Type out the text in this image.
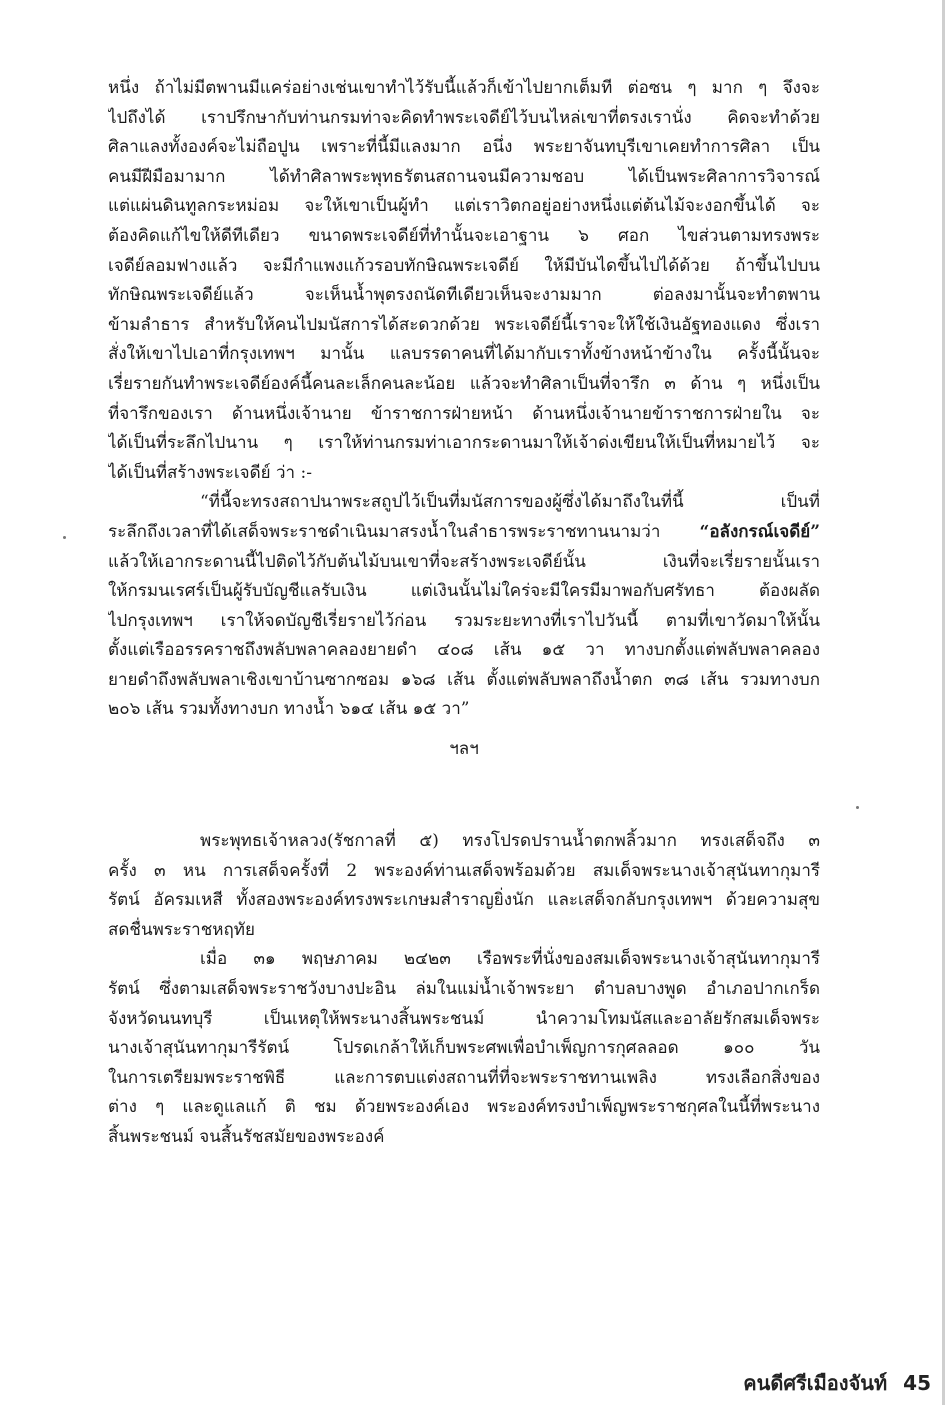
หนึ่ง ถ้าไม่มีตพานมีแคร่อย่างเช่นเขาทำไว้รับนี้แล้วก็เข้าไปยากเต็มที ต่อซน ๆ มาก ๆ จึงจะ
ไปถึงได้ เราปรึกษากับท่านกรมท่าจะคิดทำพระเจดีย์ไว้บนไหล่เขาที่ตรงเรานั่ง คิดจะทำด้วย
ศิลาแลงทั้งองค์จะไม่ถือปูน เพราะที่นี้มีแลงมาก อนึ่ง พระยาจันทบุรีเขาเคยทำการศิลา เป็น
คนมีฝีมือมามาก ได้ทำศิลาพระพุทธรัตนสถานจนมีความชอบ ได้เป็นพระศิลาการวิจารณ์
แต่แผ่นดินทูลกระหม่อม จะให้เขาเป็นผู้ทำ แต่เราวิตกอยู่อย่างหนึ่งแต่ต้นไม้จะงอกขึ้นได้ จะ
ต้องคิดแก้ไขให้ดีทีเดียว ขนาดพระเจดีย์ที่ทำนั้นจะเอาฐาน ๖ ศอก ไขส่วนตามทรงพระ
เจดีย์ลอมฟางแล้ว จะมีกำแพงแก้วรอบทักษิณพระเจดีย์ ให้มีบันไดขึ้นไปได้ด้วย ถ้าขึ้นไปบน
ทักษิณพระเจดีย์แล้ว จะเห็นน้ำพุตรงถนัดทีเดียวเห็นจะงามมาก ต่อลงมานั้นจะทำตพาน
ข้ามลำธาร สำหรับให้คนไปมนัสการได้สะดวกด้วย พระเจดีย์นี้เราจะให้ใช้เงินอัฐทองแดง ซึ่งเรา
สั่งให้เขาไปเอาที่กรุงเทพฯ มานั้น แลบรรดาคนที่ได้มากับเราทั้งข้างหน้าข้างใน ครั้งนี้นั้นจะ
เรี่ยรายกันทำพระเจดีย์องค์นี้คนละเล็กคนละน้อย แล้วจะทำศิลาเป็นที่จารึก ๓ ด้าน ๆ หนึ่งเป็น
ที่จารึกของเรา ด้านหนึ่งเจ้านาย ข้าราชการฝ่ายหน้า ด้านหนึ่งเจ้านายข้าราชการฝ่ายใน จะ
ได้เป็นที่ระลึกไปนาน ๆ เราให้ท่านกรมท่าเอากระดานมาให้เจ้าด่งเขียนให้เป็นที่หมายไว้ จะ
ได้เป็นที่สร้างพระเจดีย์ ว่า :-
“ที่นี้จะทรงสถาปนาพระสถูปไว้เป็นที่มนัสการของผู้ซึ่งได้มาถึงในที่นี้ เป็นที่
ระลึกถึงเวลาที่ได้เสด็จพระราชดำเนินมาสรงน้ำในลำธารพระราชทานนามว่า “อลังกรณ์เจดีย์”
แล้วให้เอากระดานนี้ไปติดไว้กับต้นไม้บนเขาที่จะสร้างพระเจดีย์นั้น เงินที่จะเรี่ยรายนั้นเรา
ให้กรมนเรศร์เป็นผู้รับบัญชีแลรับเงิน แต่เงินนั้นไม่ใคร่จะมีใครมีมาพอกับศรัทธา ต้องผลัด
ไปกรุงเทพฯ เราให้จดบัญชีเรี่ยรายไว้ก่อน รวมระยะทางที่เราไปวันนี้ ตามที่เขาวัดมาให้นั้น
ตั้งแต่เรืออรรคราชถึงพลับพลาคลองยายดำ ๔๐๘ เส้น ๑๕ วา ทางบกตั้งแต่พลับพลาคลอง
ยายดำถึงพลับพลาเชิงเขาบ้านซากซอม ๑๖๘ เส้น ตั้งแต่พลับพลาถึงน้ำตก ๓๘ เส้น รวมทางบก
๒๐๖ เส้น รวมทั้งทางบก ทางน้ำ ๖๑๔ เส้น ๑๕ วา”
ฯลฯ
พระพุทธเจ้าหลวง(รัชกาลที่ ๕) ทรงโปรดปรานน้ำตกพลิ้วมาก ทรงเสด็จถึง ๓
ครั้ง ๓ หน การเสด็จครั้งที่ 2 พระองค์ท่านเสด็จพร้อมด้วย สมเด็จพระนางเจ้าสุนันทากุมารี
รัตน์ อัครมเหสี ทั้งสองพระองค์ทรงพระเกษมสำราญยิ่งนัก และเสด็จกลับกรุงเทพฯ ด้วยความสุข
สดชื่นพระราชหฤทัย
เมื่อ ๓๑ พฤษภาคม ๒๔๒๓ เรือพระที่นั่งของสมเด็จพระนางเจ้าสุนันทากุมารี
รัตน์ ซึ่งตามเสด็จพระราชวังบางปะอิน ล่มในแม่น้ำเจ้าพระยา ตำบลบางพูด อำเภอปากเกร็ด
จังหวัดนนทบุรี เป็นเหตุให้พระนางสิ้นพระชนม์ นำความโทมนัสและอาลัยรักสมเด็จพระ
นางเจ้าสุนันทากุมารีรัตน์ โปรดเกล้าให้เก็บพระศพเพื่อบำเพ็ญการกุศลลอด ๑๐๐ วัน
ในการเตรียมพระราชพิธี และการตบแต่งสถานที่ที่จะพระราชทานเพลิง ทรงเลือกสิ่งของ
ต่าง ๆ และดูแลแก้ ติ ชม ด้วยพระองค์เอง พระองค์ทรงบำเพ็ญพระราชกุศลในนี้ที่พระนาง
สิ้นพระชนม์ จนสิ้นรัชสมัยของพระองค์
คนดีศรีเมืองจันท์ 45
